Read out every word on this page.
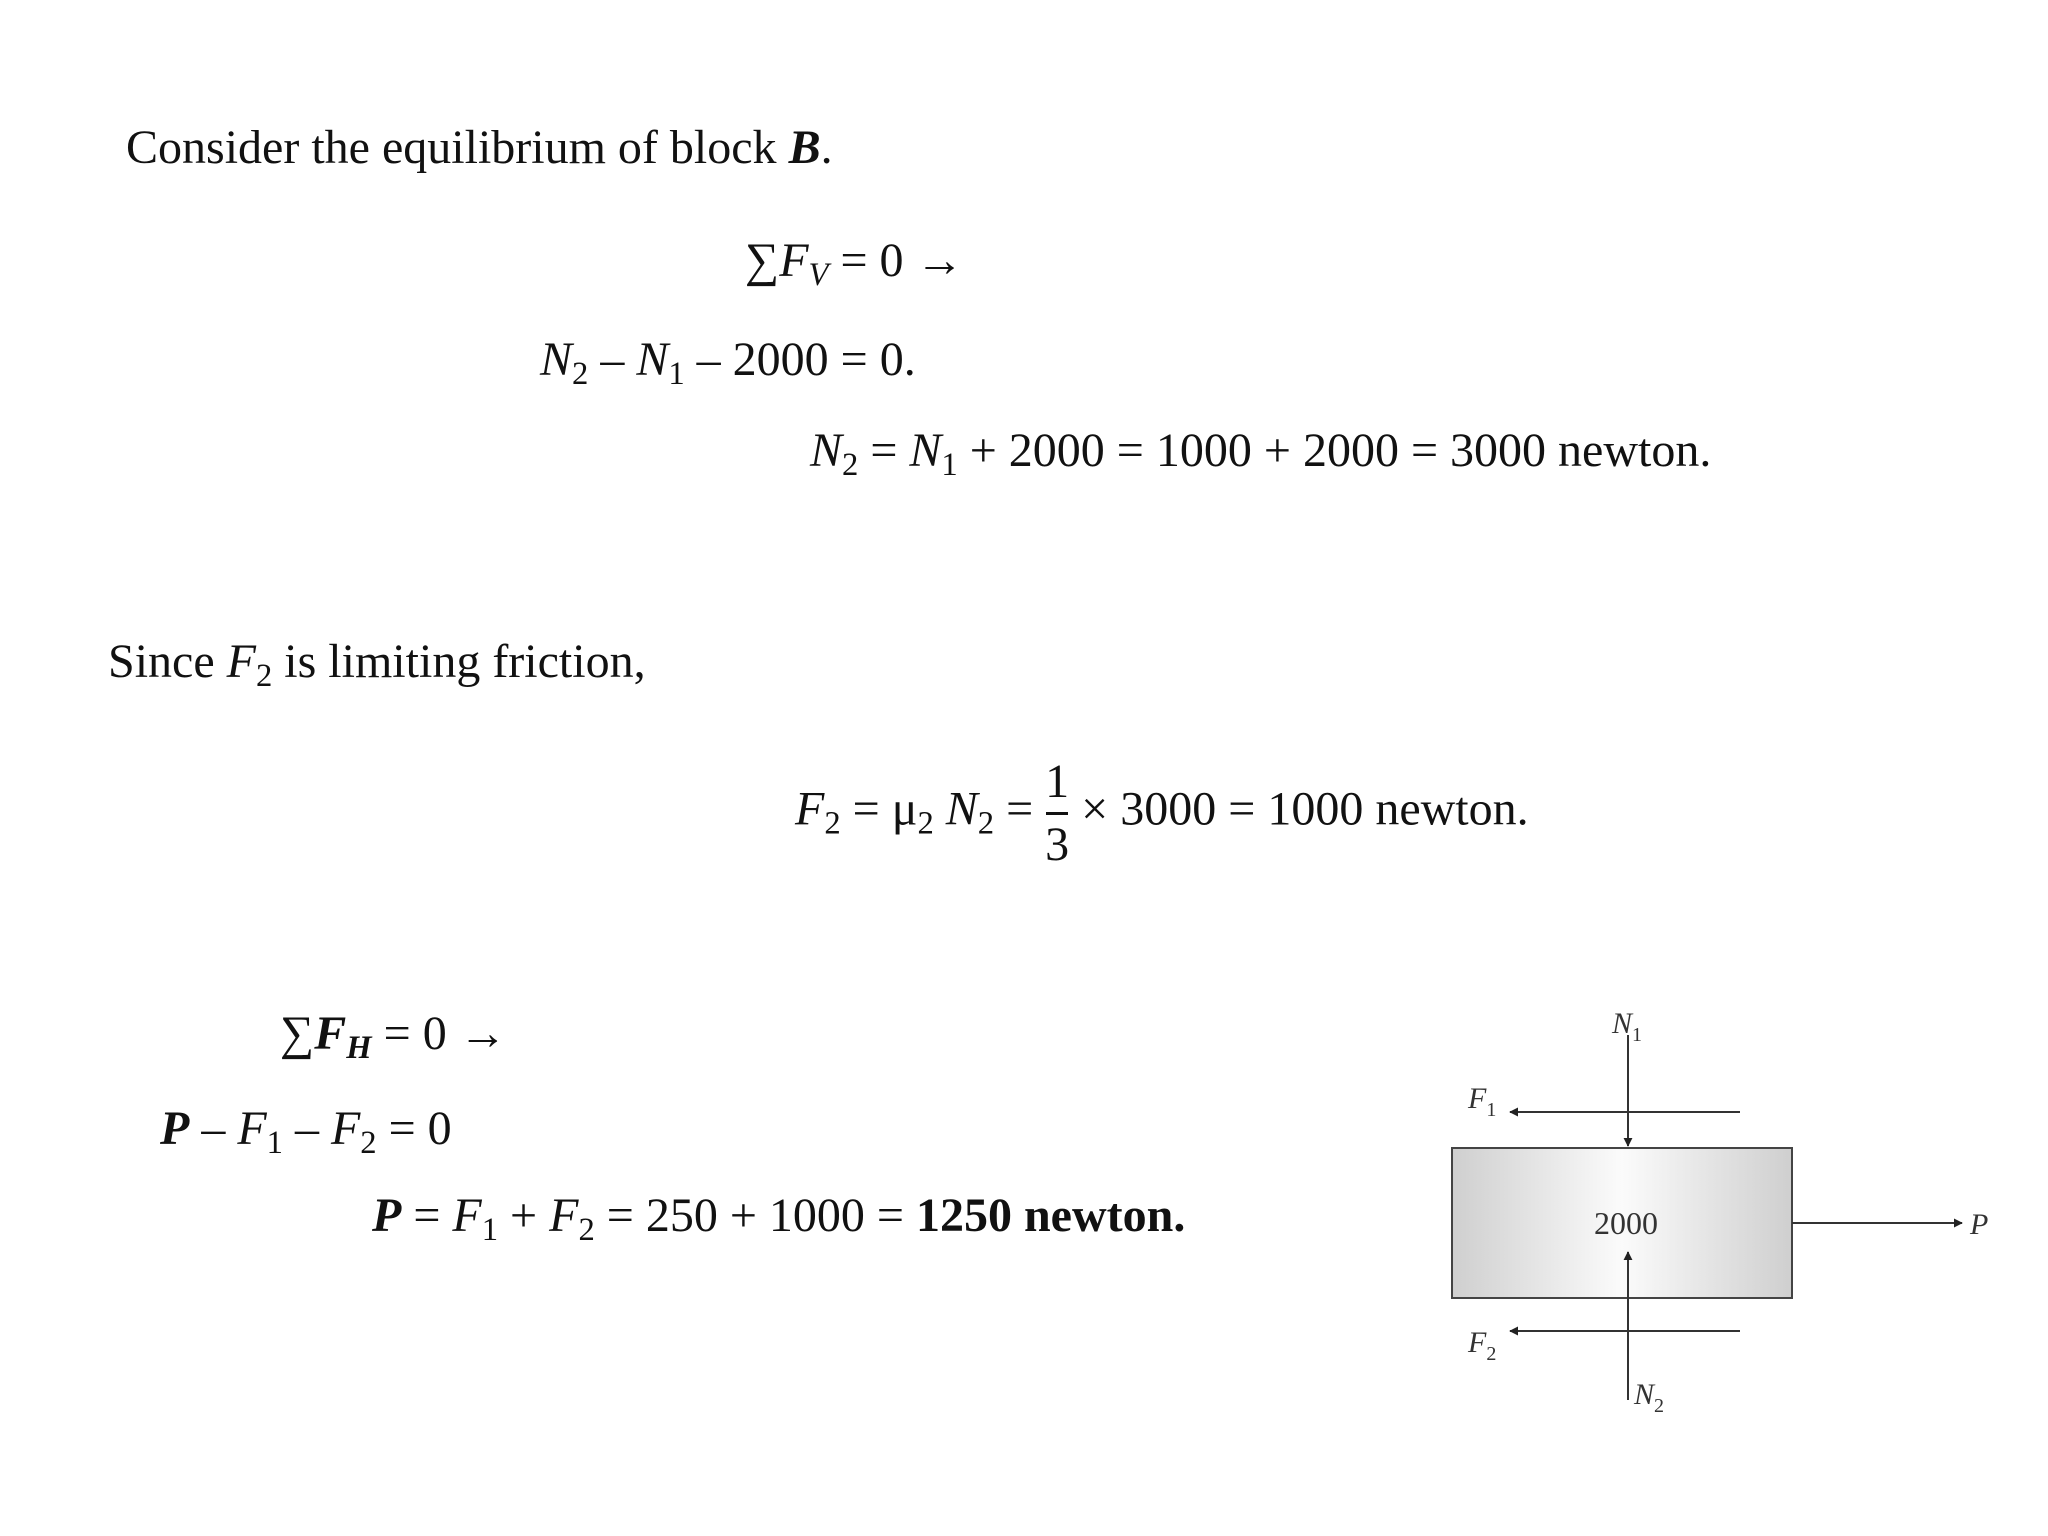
Consider the equilibrium of block B.
$\sum F_V = 0$ →
$N_2 - N_1 - 2000 = 0$.
$N_2 = N_1 + 2000 = 1000 + 2000 = 3000$ newton.
Since $F_2$ is limiting friction,
$F_2 = \mu_2$ $N_2 = \frac{1}{3} \times 3000 = 1000$ newton.
$\sum F_H = 0$ →
$P - F_1 - F_2 = 0$
$P = F_1 + F_2 = 250 + 1000 = 1250$ newton.	2000	P
$F_1$
$F_2$
$N_1$
$N_2$
